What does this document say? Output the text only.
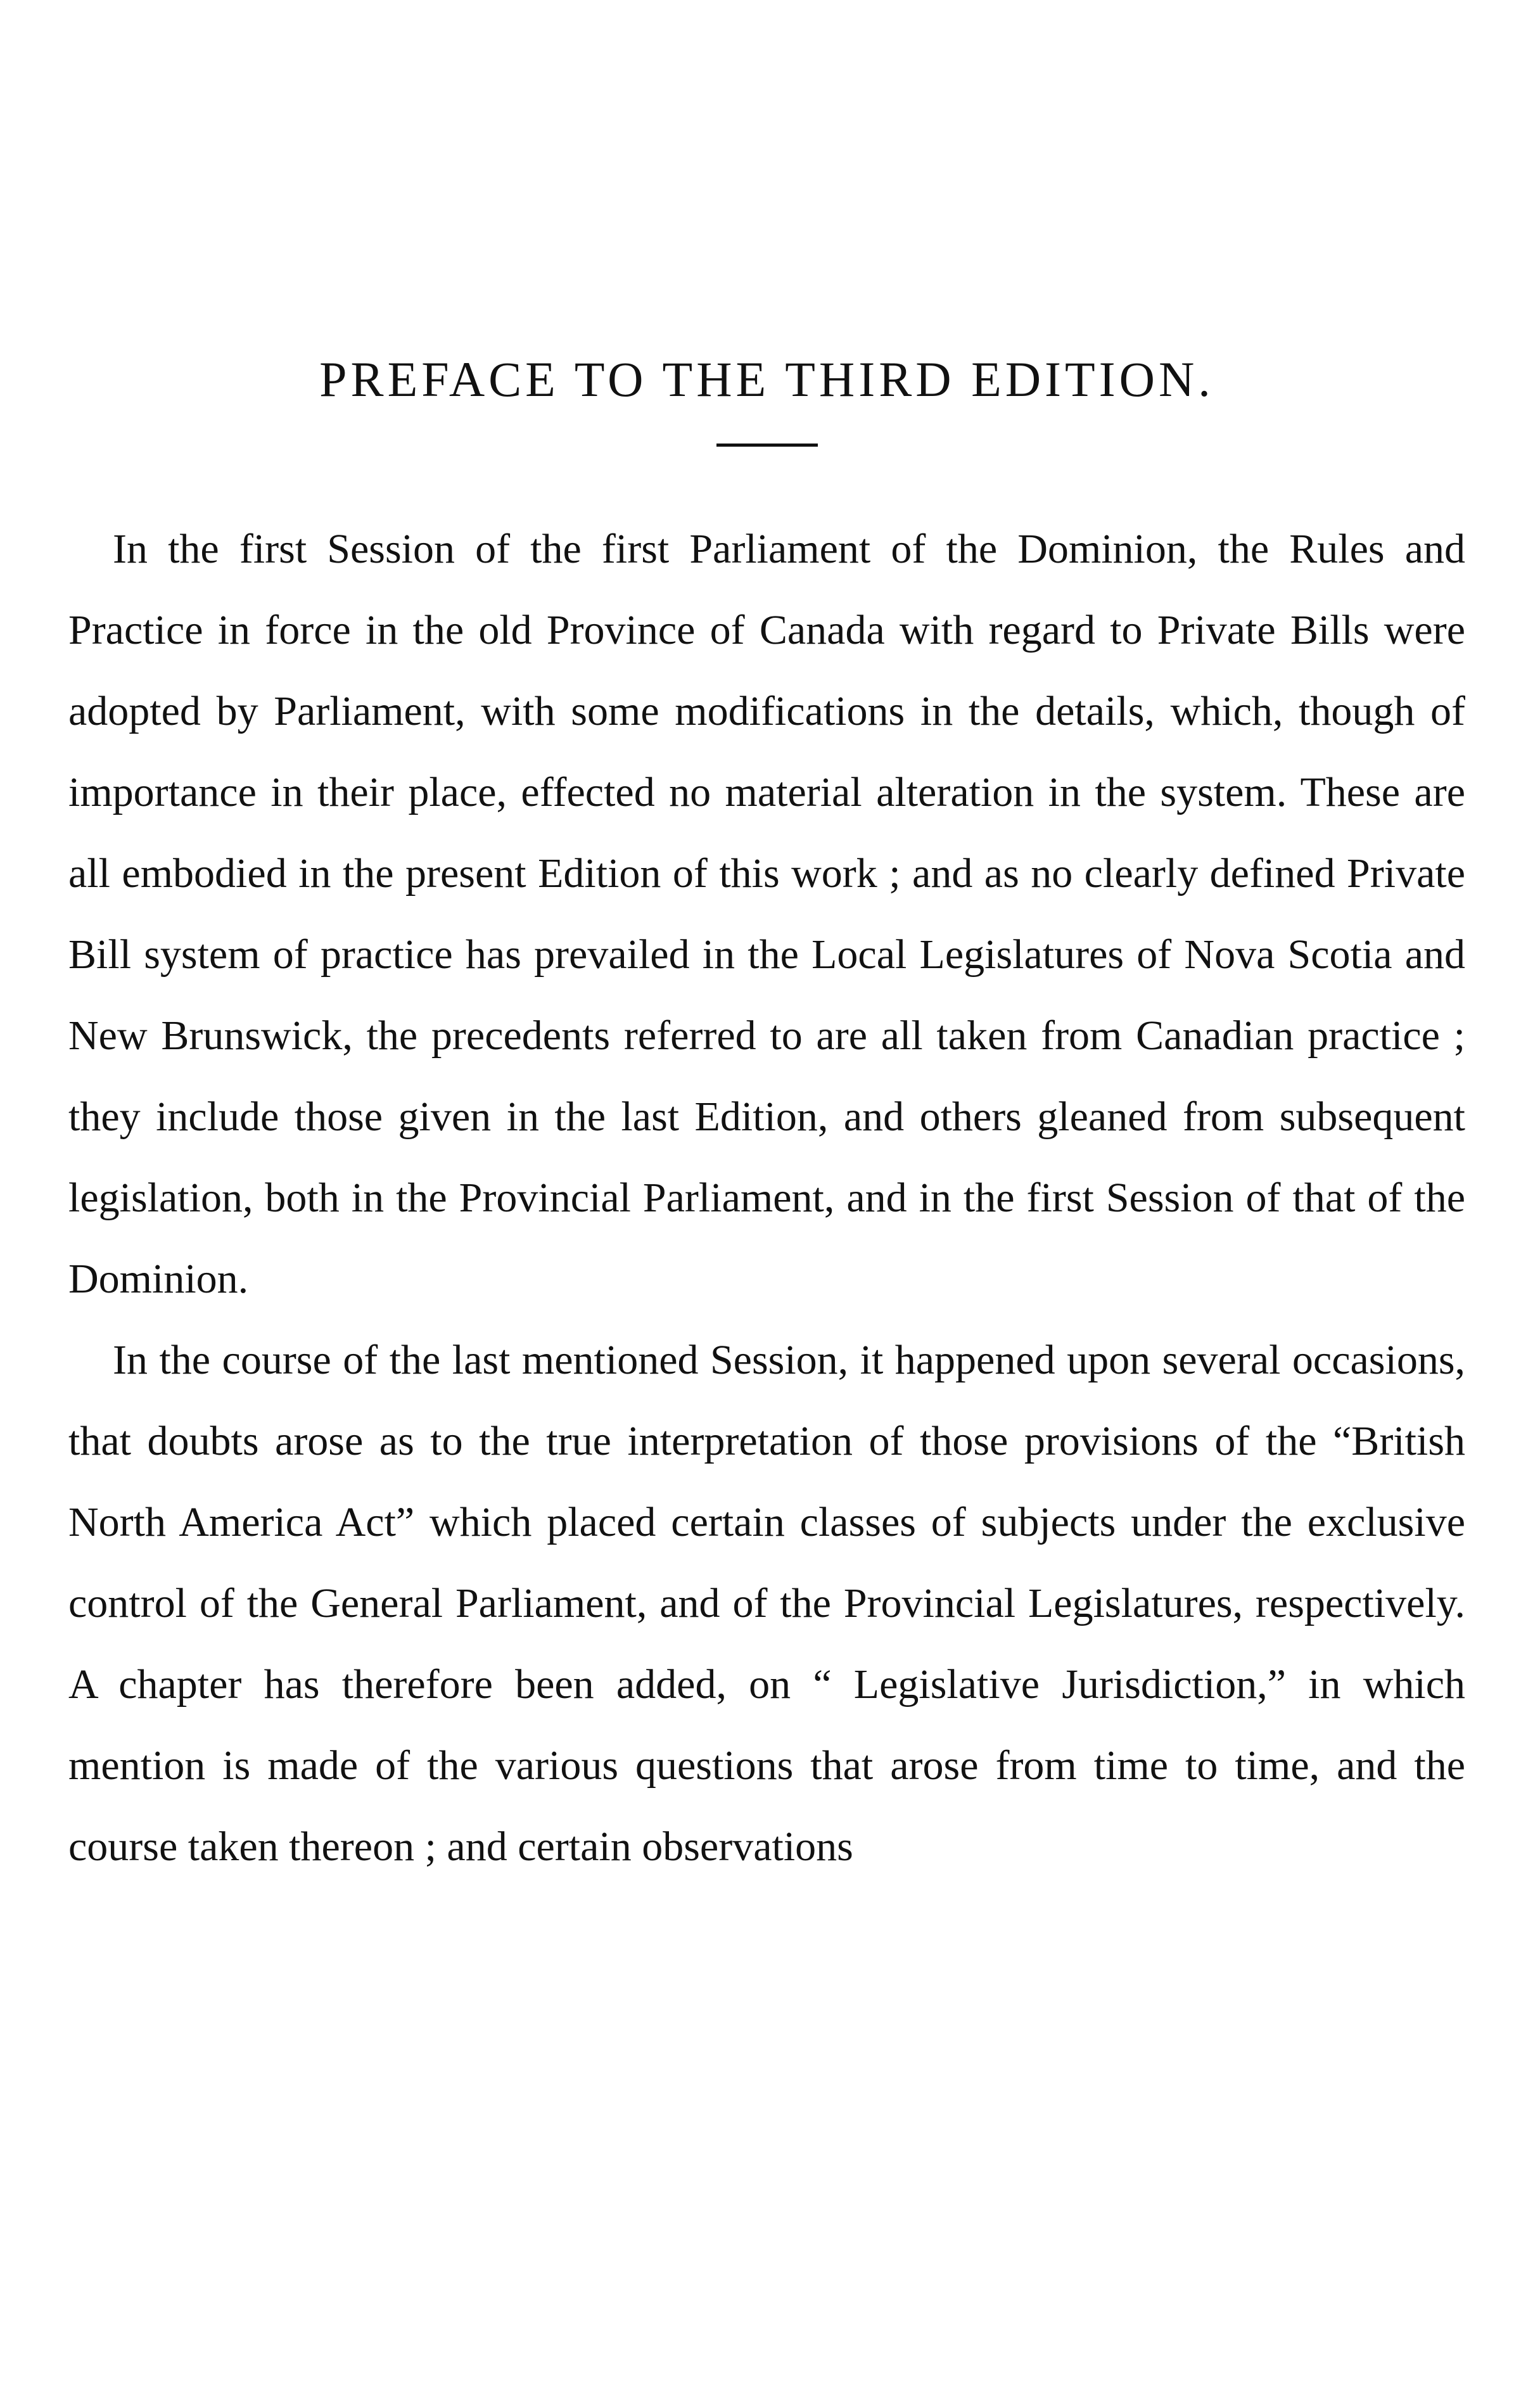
PREFACE TO THE THIRD EDITION.

In the first Session of the first Parliament of the Dominion, the Rules and Practice in force in the old Province of Canada with regard to Private Bills were adopted by Parliament, with some modifications in the details, which, though of importance in their place, effected no material alteration in the system. These are all embodied in the present Edition of this work ; and as no clearly defined Private Bill system of practice has prevailed in the Local Legislatures of Nova Scotia and New Brunswick, the precedents referred to are all taken from Canadian practice ; they include those given in the last Edition, and others gleaned from subsequent legislation, both in the Provincial Parliament, and in the first Session of that of the Dominion.

In the course of the last mentioned Session, it happened upon several occasions, that doubts arose as to the true interpretation of those provisions of the “British North America Act” which placed certain classes of subjects under the exclusive control of the General Parliament, and of the Provincial Legislatures, respectively. A chapter has therefore been added, on “ Legislative Jurisdiction,” in which mention is made of the various questions that arose from time to time, and the course taken thereon ; and certain observations
